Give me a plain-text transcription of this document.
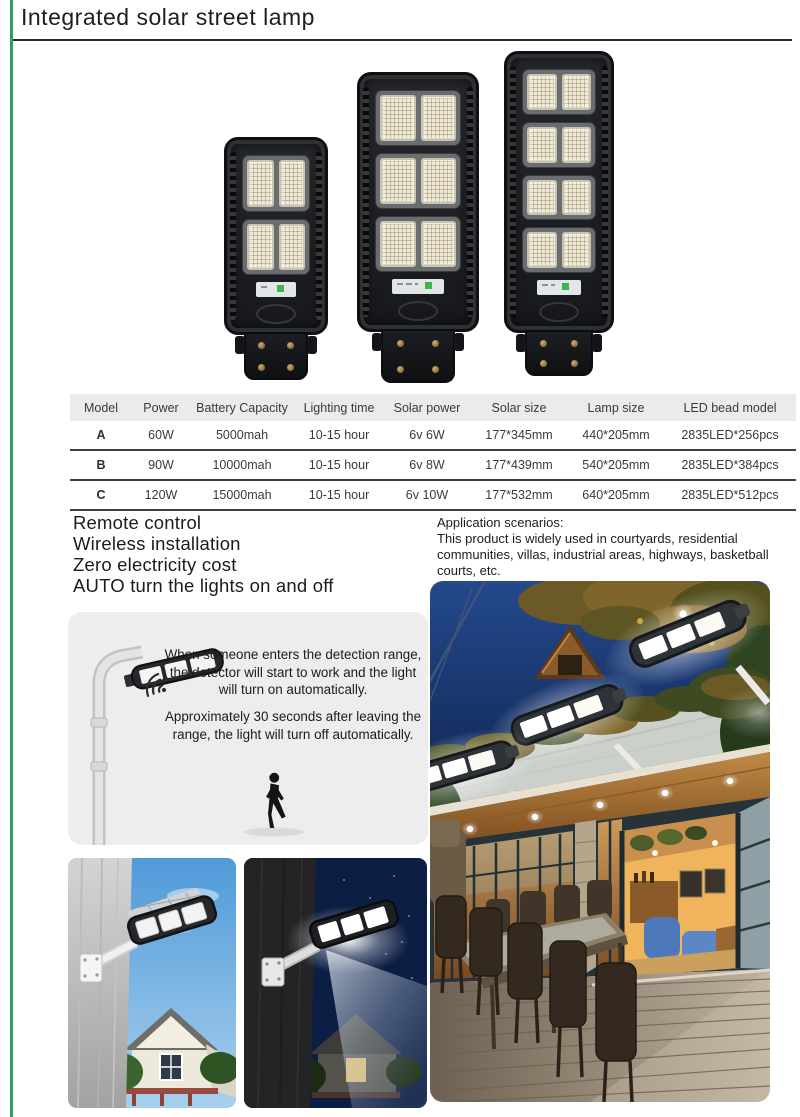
Integrated solar street lamp
Model	Power	Battery Capacity	Lighting time	Solar power	Solar size	Lamp size	LED bead model
A	60W	5000mah	10-15 hour	6v 6W	177*345mm	440*205mm	2835LED*256pcs
B	90W	10000mah	10-15 hour	6v 8W	177*439mm	540*205mm	2835LED*384pcs
C	120W	15000mah	10-15 hour	6v 10W	177*532mm	640*205mm	2835LED*512pcs
Remote control
Wireless installation
Zero electricity cost
AUTO turn the lights on and off
Application scenarios:
This product is widely used in courtyards, residential communities, villas, industrial areas, highways, basketball courts, etc.

When someone enters the detection range, the detector will start to work and the light will turn on automatically.

Approximately 30 seconds after leaving the range, the light will turn off automatically.
